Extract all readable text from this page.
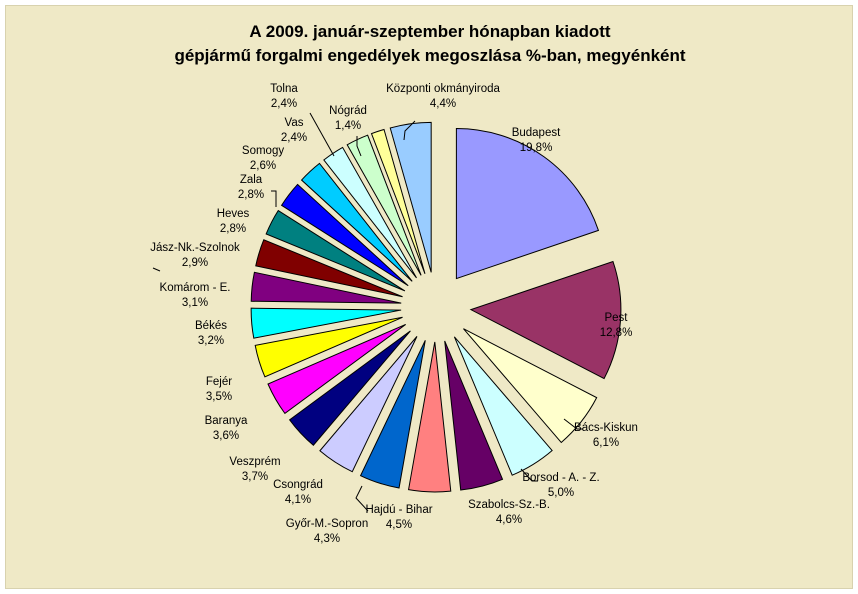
A 2009. január-szeptember hónapban kiadott
gépjármű forgalmi engedélyek megoszlása %-ban, megyénként
Budapest 19,8%
Pest 12,8%
Bács-Kiskun 6,1%
Borsod - A. - Z. 5,0%
Szabolcs-Sz.-B. 4,6%
Hajdú - Bihar 4,5%
Győr-M.-Sopron 4,3%
Csongrád 4,1%
Veszprém 3,7%
Baranya 3,6%
Fejér 3,5%
Békés 3,2%
Komárom - E. 3,1%
Jász-Nk.-Szolnok 2,9%
Heves 2,8%
Zala 2,8%
Somogy 2,6%
Vas 2,4%
Tolna 2,4%
Nógrád 1,4%
Központi okmányiroda 4,4%
